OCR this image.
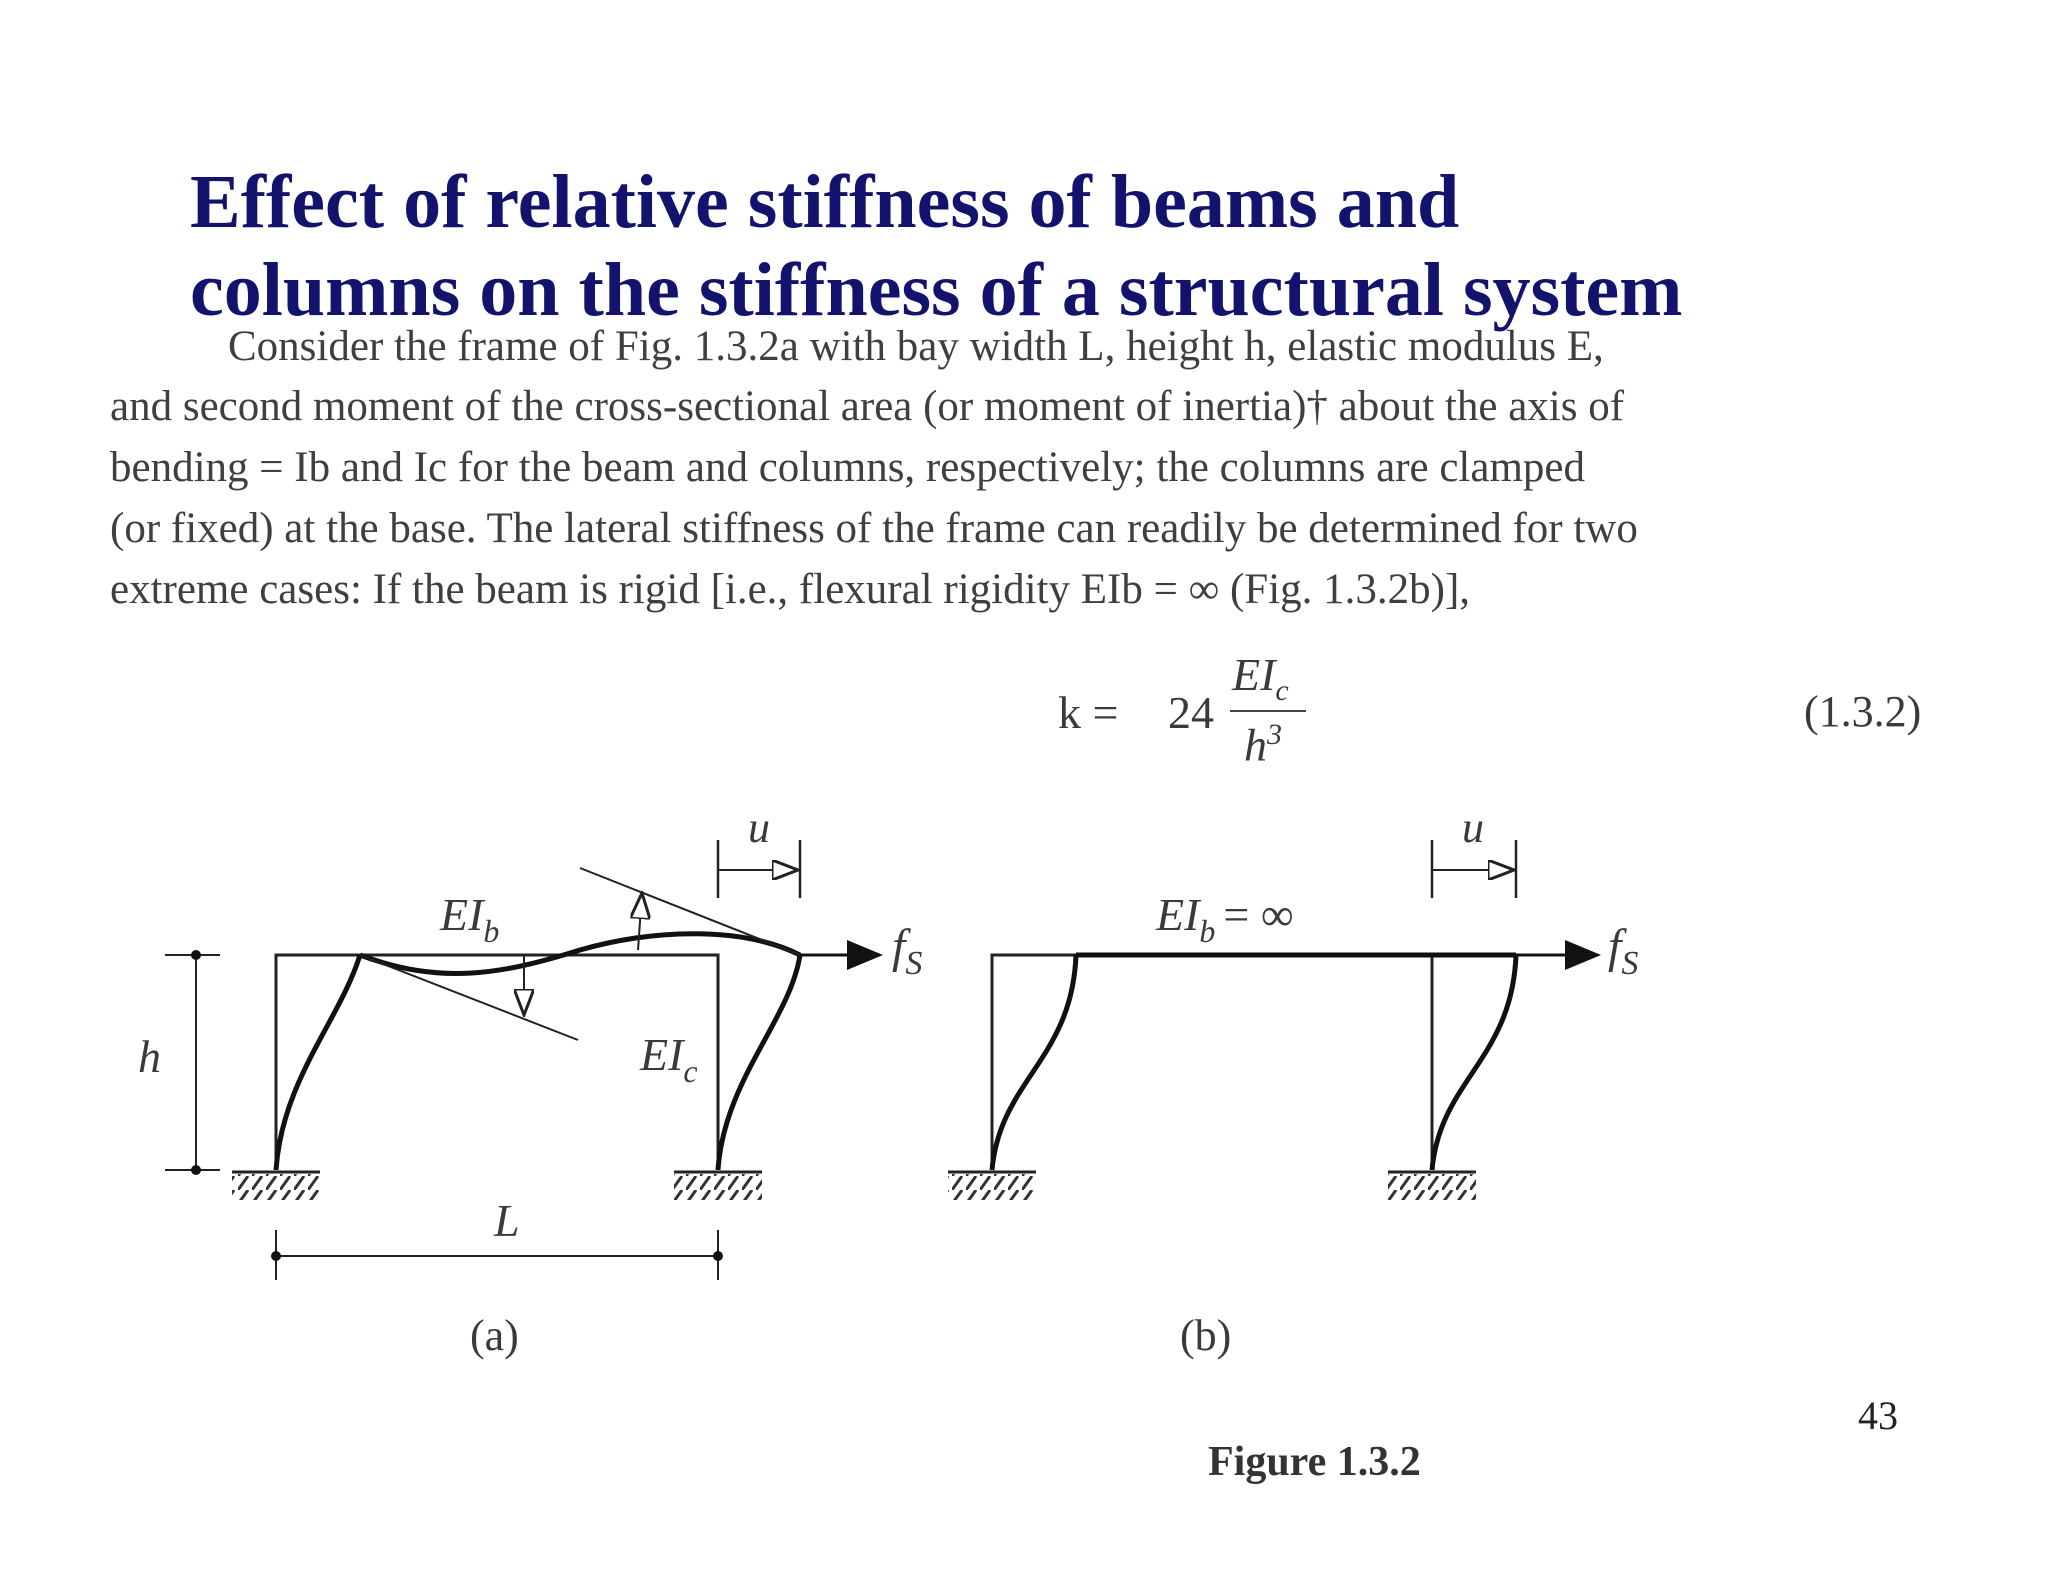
Effect of relative stiffness of beams and
columns on the stiffness of a structural system
Consider the frame of Fig. 1.3.2a with bay width L, height h, elastic modulus E,
and second moment of the cross-sectional area (or moment of inertia)† about the axis of
bending = Ib and Ic for the beam and columns, respectively; the columns are clamped
(or fixed) at the base. The lateral stiffness of the frame can readily be determined for two
extreme cases: If the beam is rigid [i.e., flexural rigidity EIb = ∞ (Fig. 1.3.2b)],
k = 24
$EI_c$
$h^3$	(1.3.2)
$EI_b$
$EI_c$
h
L
u
$f_S$
(a)
$EI_b$ = ∞
u
$f_S$
(b)
43
Figure 1.3.2
